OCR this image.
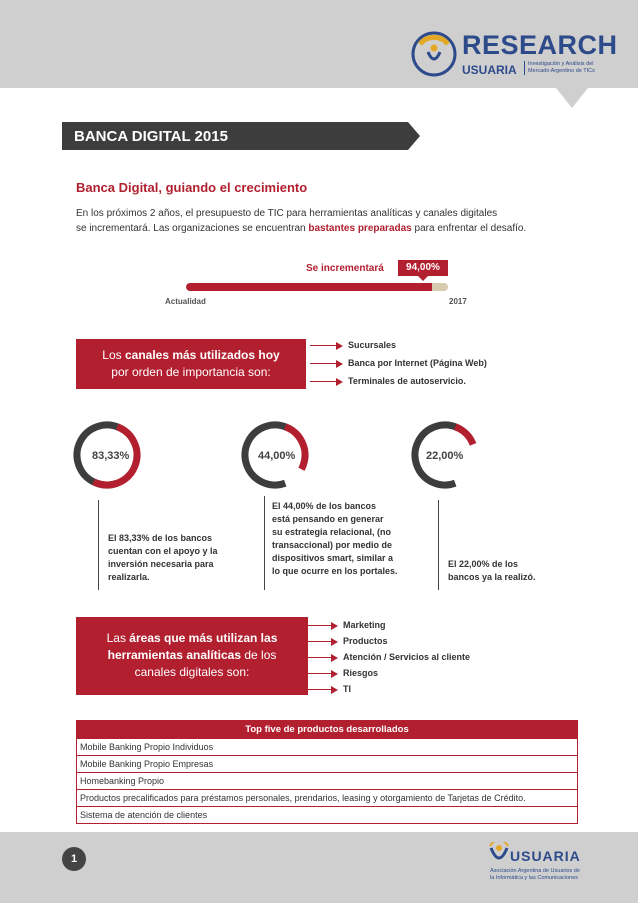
RESEARCH
USUARIA Investigación y Análisis del
Mercado Argentino de TICs
BANCA DIGITAL 2015
Banca Digital, guiando el crecimiento
En los próximos 2 años, el presupuesto de TIC para herramientas analíticas y canales digitales
se incrementará. Las organizaciones se encuentran bastantes preparadas para enfrentar el desafío.
Se incrementará	94,00%
Actualidad	2017
Los canales más utilizados hoy
por orden de importancia son:
Sucursales
Banca por Internet (Página Web)
Terminales de autoservicio.
83,33%	44,00%	22,00%
El 83,33% de los bancos
cuentan con el apoyo y la
inversión necesaria para
realizarla.
El 44,00% de los bancos
está pensando en generar
su estrategia relacional, (no
transaccional) por medio de
dispositivos smart, similar a
lo que ocurre en los portales.
El 22,00% de los
bancos ya la realizó.
Las áreas que más utilizan las
herramientas analíticas de los
canales digitales son:
Marketing
Productos
Atención / Servicios al cliente
Riesgos
TI
Top five de productos desarrollados
Mobile Banking Propio Individuos
Mobile Banking Propio Empresas
Homebanking Propio
Productos precalificados para préstamos personales, prendarios, leasing y otorgamiento de Tarjetas de Crédito.
Sistema de atención de clientes
1	USUARIA
Asociación Argentina de Usuarios de
la Informática y las Comunicaciones
